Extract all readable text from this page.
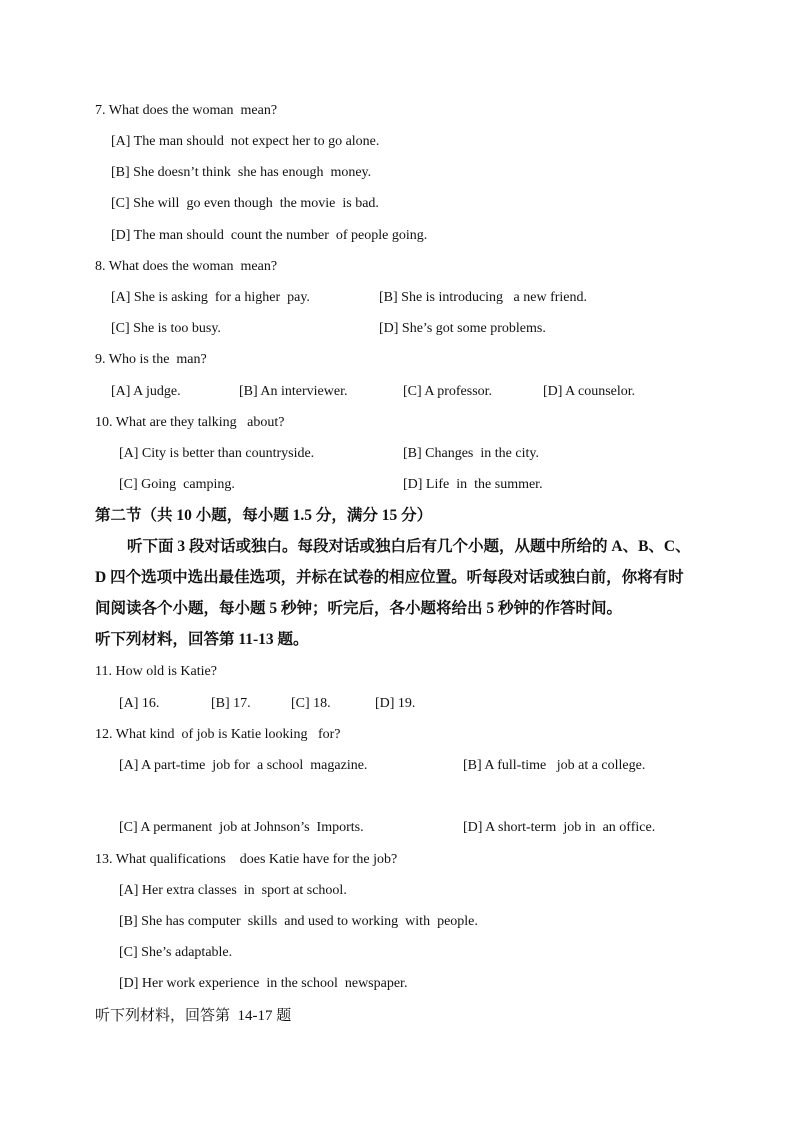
7. What does the woman  mean?
[A] The man should  not expect her to go alone.
[B] She doesn’t think  she has enough  money.
[C] She will  go even though  the movie  is bad.
[D] The man should  count the number  of people going.
8. What does the woman  mean?
[A] She is asking  for a higher  pay.	[B] She is introducing   a new friend.
[C] She is too busy.	[D] She’s got some problems.
9. Who is the  man?
[A] A judge.	[B] An interviewer.	[C] A professor.	[D] A counselor.
10. What are they talking   about?
[A] City is better than countryside.	[B] Changes  in the city.
[C] Going  camping.	[D] Life  in  the summer.
第二节（共 10 小题，每小题 1.5 分，满分 15 分）
听下面 3 段对话或独白。每段对话或独白后有几个小题，从题中所给的 A、B、C、
D 四个选项中选出最佳选项，并标在试卷的相应位置。听每段对话或独白前，你将有时
间阅读各个小题，每小题 5 秒钟；听完后，各小题将给出 5 秒钟的作答时间。
听下列材料，回答第 11-13 题。
11. How old is Katie?
[A] 16.	[B] 17.	[C] 18.	[D] 19.
12. What kind  of job is Katie looking   for?
[A] A part-time  job for  a school  magazine.	[B] A full-time   job at a college.
[C] A permanent  job at Johnson’s  Imports.	[D] A short-term  job in  an office.
13. What qualifications    does Katie have for the job?
[A] Her extra classes  in  sport at school.
[B] She has computer  skills  and used to working  with  people.
[C] She’s adaptable.
[D] Her work experience  in the school  newspaper.
听下列材料，回答第  14-17 题
